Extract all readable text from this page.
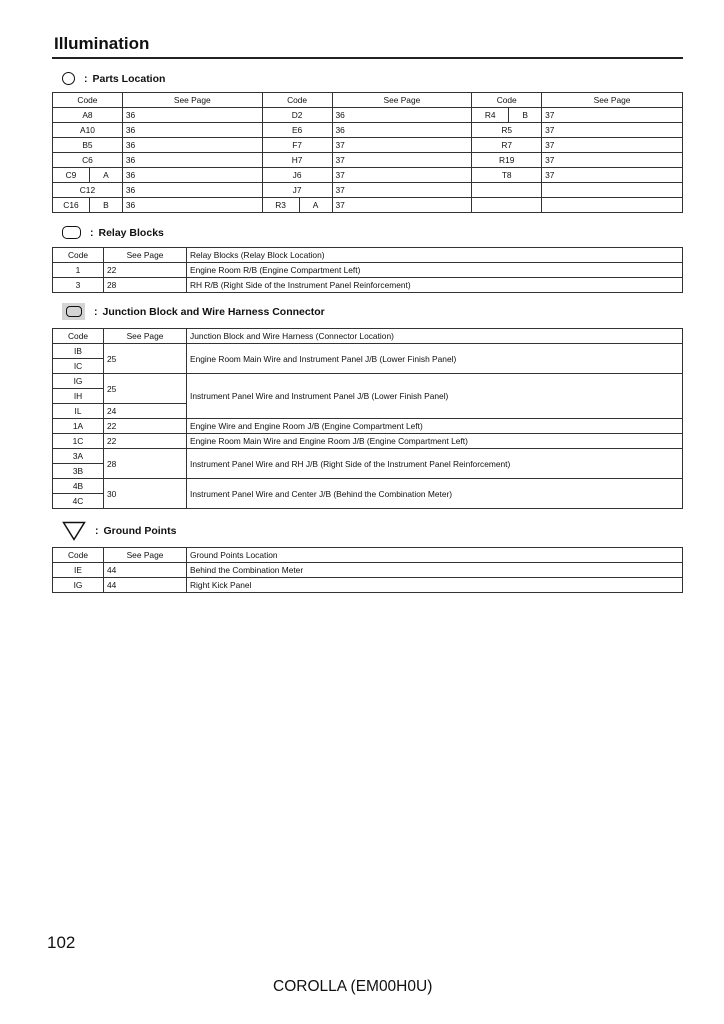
Illumination
: Parts Location
Code		See Page	Code		See Page	Code		See Page
A8		36	D2		36	R4	B	37
A10		36	E6		36	R5		37
B5		36	F7		37	R7		37
C6		36	H7		37	R19		37
C9	A	36	J6		37	T8		37
C12		36	J7		37			
C16	B	36	R3	A	37			
: Relay Blocks
Code	See Page	Relay Blocks (Relay Block Location)
1	22	Engine Room R/B (Engine Compartment Left)
3	28	RH R/B (Right Side of the Instrument Panel Reinforcement)
: Junction Block and Wire Harness Connector
Code	See Page	Junction Block and Wire Harness (Connector Location)
IB	25	Engine Room Main Wire and Instrument Panel J/B (Lower Finish Panel)
IC		
IG	25	Instrument Panel Wire and Instrument Panel J/B (Lower Finish Panel)
IH		
IL	24	
1A	22	Engine Wire and Engine Room J/B (Engine Compartment Left)
1C	22	Engine Room Main Wire and Engine Room J/B (Engine Compartment Left)
3A	28	Instrument Panel Wire and RH J/B (Right Side of the Instrument Panel Reinforcement)
3B		
4B	30	Instrument Panel Wire and Center J/B (Behind the Combination Meter)
4C		
: Ground Points
Code	See Page	Ground Points Location
IE	44	Behind the Combination Meter
IG	44	Right Kick Panel
102
COROLLA (EM00H0U)
